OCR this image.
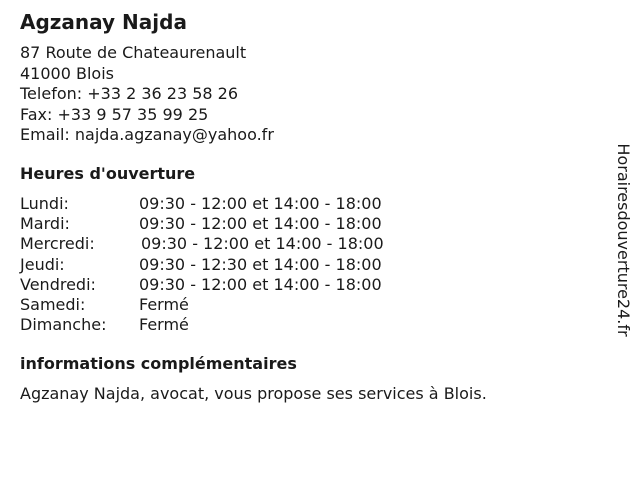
Agzanay Najda
87 Route de Chateaurenault
41000 Blois
Telefon: +33 2 36 23 58 26
Fax: +33 9 57 35 99 25
Email: najda.agzanay@yahoo.fr
Heures d'ouverture
Lundi:	09:30 - 12:00 et 14:00 - 18:00
Mardi:	09:30 - 12:00 et 14:00 - 18:00
Mercredi:	09:30 - 12:00 et 14:00 - 18:00
Jeudi:	09:30 - 12:30 et 14:00 - 18:00
Vendredi:	09:30 - 12:00 et 14:00 - 18:00
Samedi:	Fermé
Dimanche: Fermé
informations complémentaires
Agzanay Najda, avocat, vous propose ses services à Blois.
Horairesdouverture24.fr
